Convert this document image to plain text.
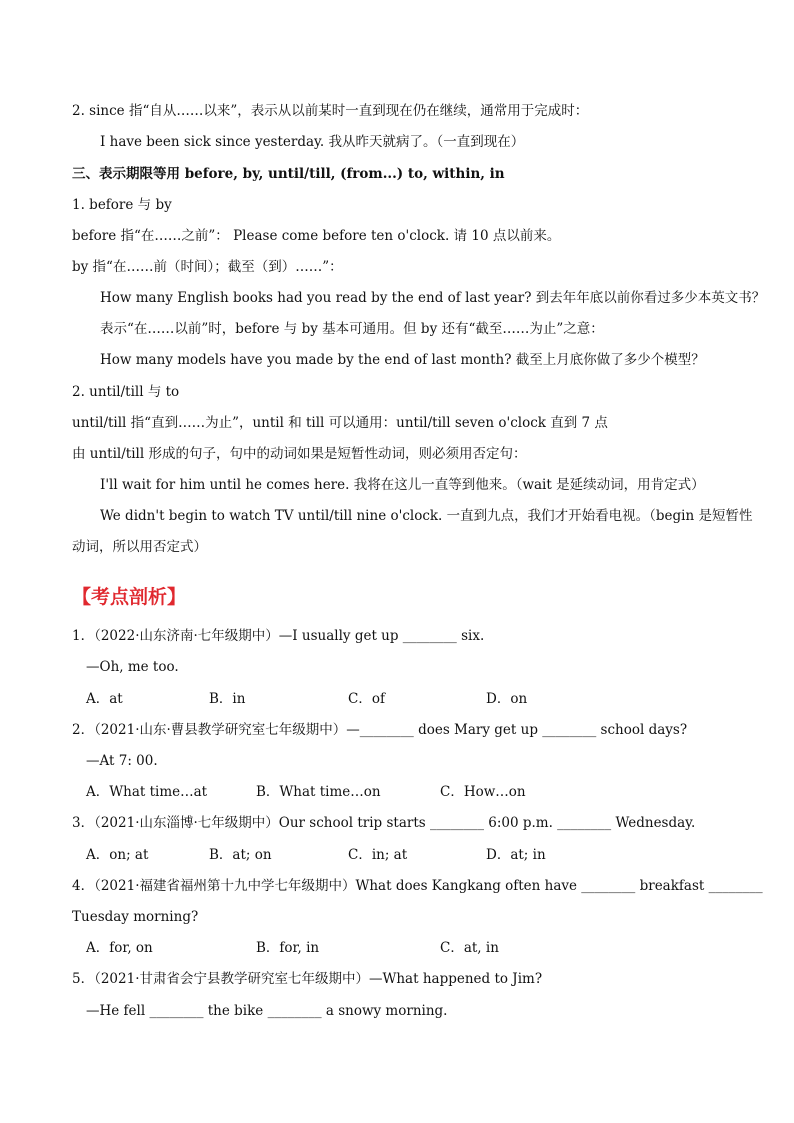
2. since 指“自从……以来”，表示从以前某时一直到现在仍在继续，通常用于完成时：
I have been sick since yesterday. 我从昨天就病了。（一直到现在）
三、表示期限等用 before, by, until/till, (from...) to, within, in
1. before 与 by
before 指“在……之前”： Please come before ten o'clock. 请 10 点以前来。
by 指“在……前（时间）；截至（到）……”：
How many English books had you read by the end of last year? 到去年年底以前你看过多少本英文书？
表示“在……以前”时，before 与 by 基本可通用。但 by 还有“截至……为止”之意：
How many models have you made by the end of last month? 截至上月底你做了多少个模型？
2. until/till 与 to
until/till 指“直到……为止”，until 和 till 可以通用：until/till seven o'clock 直到 7 点
由 until/till 形成的句子，句中的动词如果是短暂性动词，则必须用否定句：
I'll wait for him until he comes here. 我将在这儿一直等到他来。（wait 是延续动词，用肯定式）
We didn't begin to watch TV until/till nine o'clock. 一直到九点，我们才开始看电视。（begin 是短暂性
动词，所以用否定式）
【考点剖析】
1．（2022·山东济南·七年级期中）—I usually get up ________ six.
—Oh, me too.
A．at	B．in	C．of	D．on
2．（2021·山东·曹县教学研究室七年级期中）—________ does Mary get up ________ school days?
—At 7: 00.
A．What time…at	B．What time…on	C．How…on
3．（2021·山东淄博·七年级期中）Our school trip starts ________ 6:00 p.m. ________ Wednesday.
A．on; at	B．at; on	C．in; at	D．at; in
4．（2021·福建省福州第十九中学七年级期中）What does Kangkang often have ________ breakfast ________
Tuesday morning?
A．for, on	B．for, in	C．at, in
5．（2021·甘肃省会宁县教学研究室七年级期中）—What happened to Jim?
—He fell ________ the bike ________ a snowy morning.
